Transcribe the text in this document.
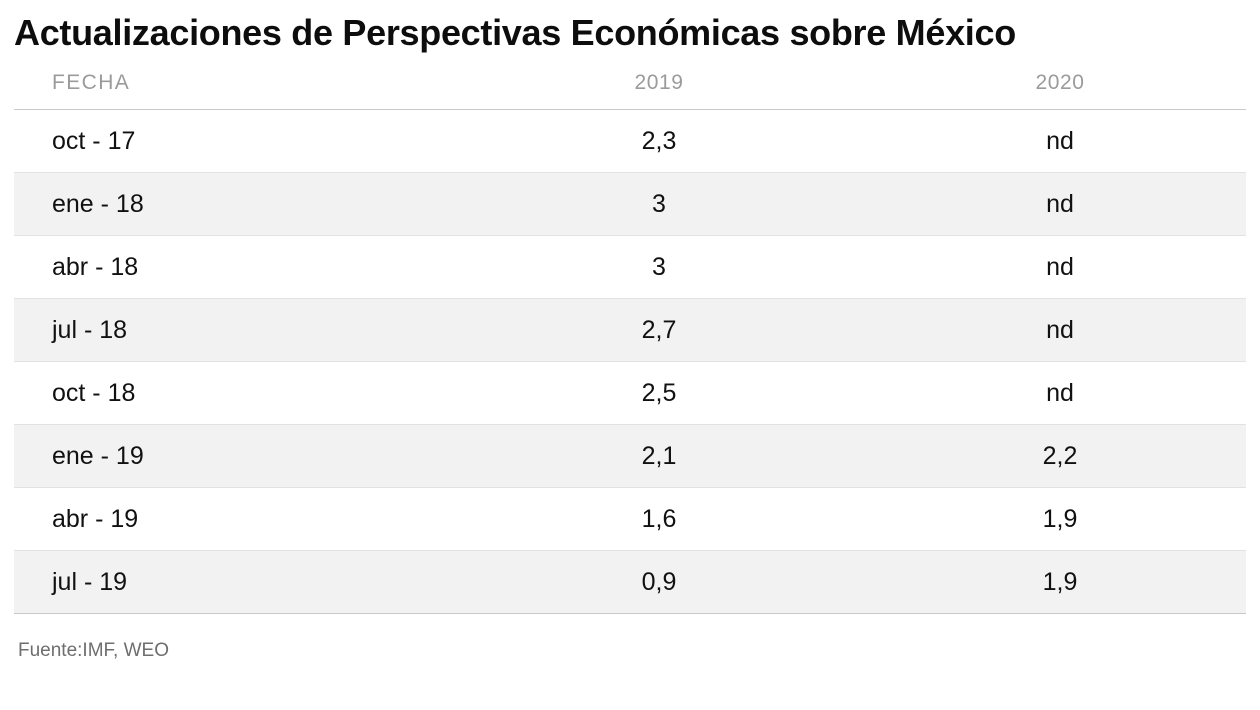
Actualizaciones de Perspectivas Económicas sobre México
FECHA	2019	2020
oct - 17	2,3	nd
ene - 18	3	nd
abr - 18	3	nd
jul - 18	2,7	nd
oct - 18	2,5	nd
ene - 19	2,1	2,2
abr - 19	1,6	1,9
jul - 19	0,9	1,9
Fuente:IMF, WEO
